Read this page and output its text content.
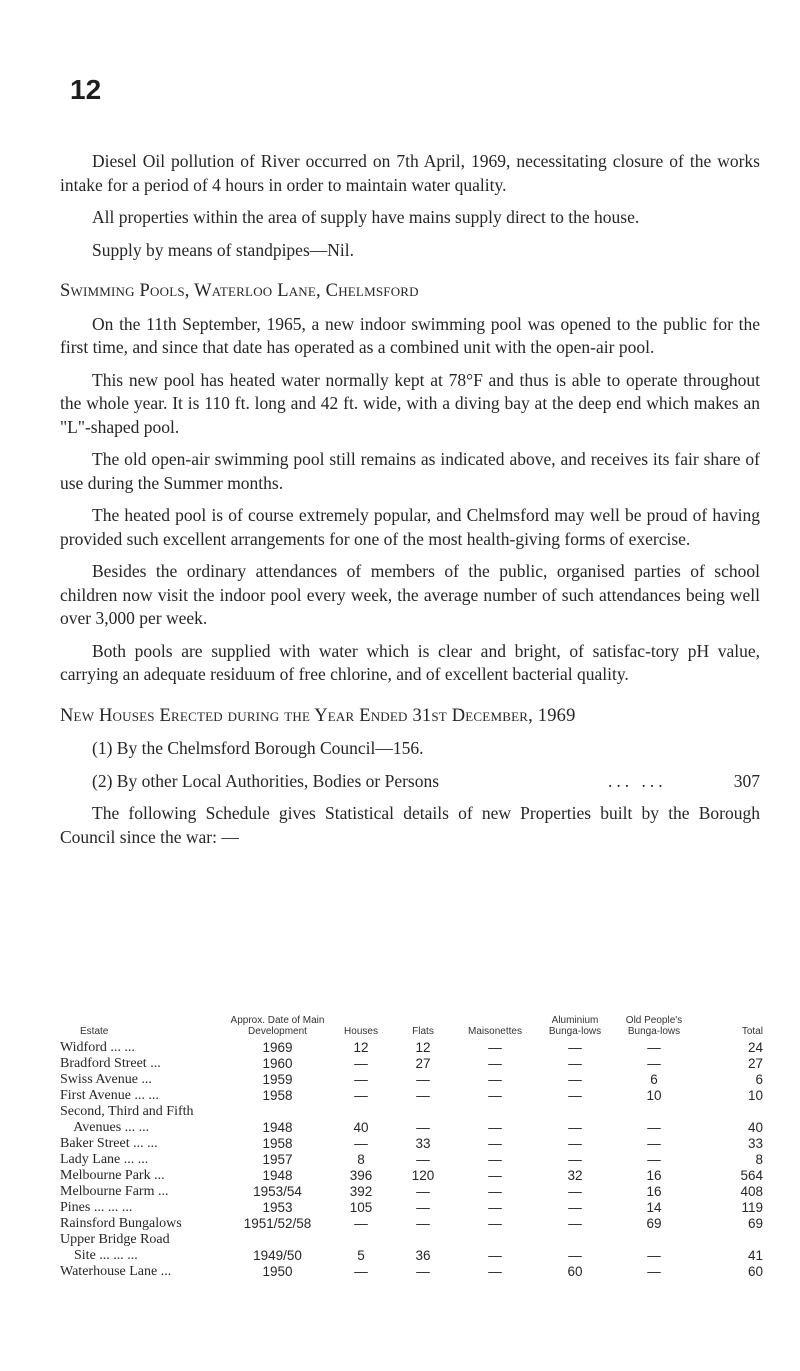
12

Diesel Oil pollution of River occurred on 7th April, 1969, necessitating closure of the works intake for a period of 4 hours in order to maintain water quality.

All properties within the area of supply have mains supply direct to the house.

Supply by means of standpipes—Nil.

Swimming Pools, Waterloo Lane, Chelmsford

On the 11th September, 1965, a new indoor swimming pool was opened to the public for the first time, and since that date has operated as a combined unit with the open-air pool.

This new pool has heated water normally kept at 78°F and thus is able to operate throughout the whole year. It is 110 ft. long and 42 ft. wide, with a diving bay at the deep end which makes an "L"-shaped pool.

The old open-air swimming pool still remains as indicated above, and receives its fair share of use during the Summer months.

The heated pool is of course extremely popular, and Chelmsford may well be proud of having provided such excellent arrangements for one of the most health-giving forms of exercise.

Besides the ordinary attendances of members of the public, organised parties of school children now visit the indoor pool every week, the average number of such attendances being well over 3,000 per week.

Both pools are supplied with water which is clear and bright, of satisfac-tory pH value, carrying an adequate residuum of free chlorine, and of excellent bacterial quality.

New Houses Erected during the Year Ended 31st December, 1969
(1) By the Chelmsford Borough Council—156.
(2) By other Local Authorities, Bodies or Persons	... ...	307

The following Schedule gives Statistical details of new Properties built by the Borough Council since the war: —

Estate	Approx. Date of Main Development	Houses	Flats	Maisonettes	Aluminium Bunga-lows	Old People's Bunga-lows	Total
Widford ... ...	1969	12	12	—	—	—	24
Bradford Street ...	1960	—	27	—	—	—	27
Swiss Avenue ...	1959	—	—	—	—	6	6
First Avenue ... ...	1958	—	—	—	—	10	10
Second, Third and Fifth							
Avenues ... ...	1948	40	—	—	—	—	40
Baker Street ... ...	1958	—	33	—	—	—	33
Lady Lane ... ...	1957	8	—	—	—	—	8
Melbourne Park ...	1948	396	120	—	32	16	564
Melbourne Farm ...	1953/54	392	—	—	—	16	408
Pines ... ... ...	1953	105	—	—	—	14	119
Rainsford Bungalows	1951/52/58	—	—	—	—	69	69
Upper Bridge Road							
Site ... ... ...	1949/50	5	36	—	—	—	41
Waterhouse Lane ...	1950	—	—	—	60	—	60
